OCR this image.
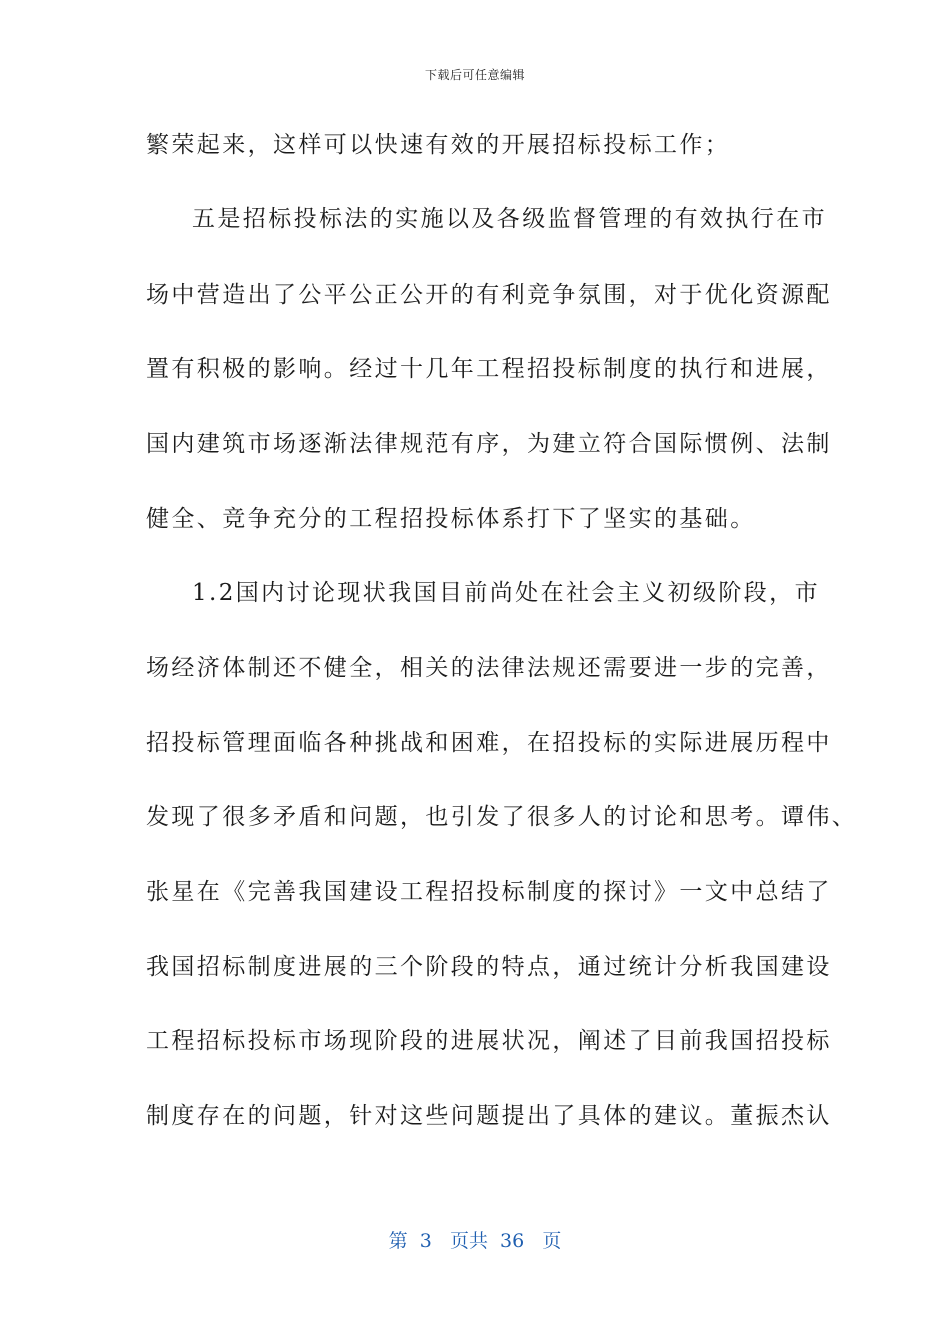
下载后可任意编辑
繁荣起来，这样可以快速有效的开展招标投标工作；
五是招标投标法的实施以及各级监督管理的有效执行在市
场中营造出了公平公正公开的有利竞争氛围，对于优化资源配
置有积极的影响。经过十几年工程招投标制度的执行和进展，
国内建筑市场逐渐法律规范有序，为建立符合国际惯例、法制
健全、竞争充分的工程招投标体系打下了坚实的基础。
1.2国内讨论现状我国目前尚处在社会主义初级阶段，市
场经济体制还不健全，相关的法律法规还需要进一步的完善，
招投标管理面临各种挑战和困难，在招投标的实际进展历程中
发现了很多矛盾和问题，也引发了很多人的讨论和思考。谭伟、
张星在《完善我国建设工程招投标制度的探讨》一文中总结了
我国招标制度进展的三个阶段的特点，通过统计分析我国建设
工程招标投标市场现阶段的进展状况，阐述了目前我国招投标
制度存在的问题，针对这些问题提出了具体的建议。董振杰认
第 3 页共 36 页
